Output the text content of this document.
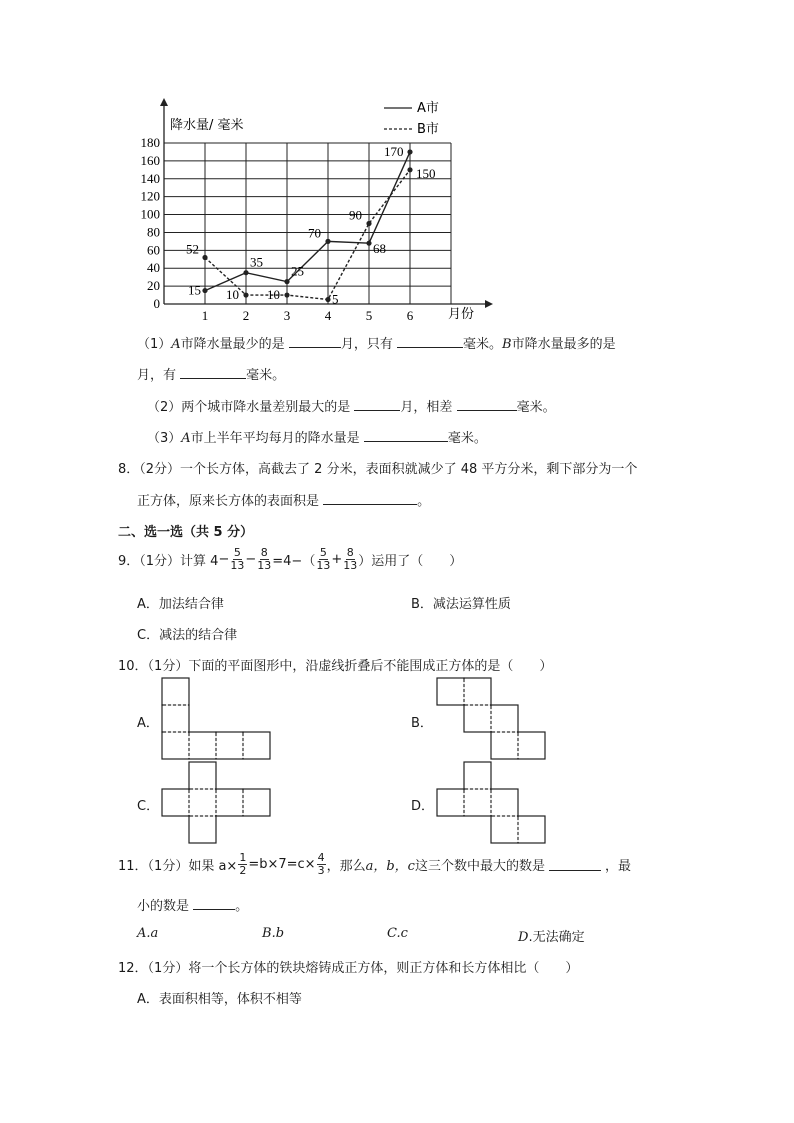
0
20
40
60
80
100
120
140
160
180
1	2	3	4	5	6
15
35
25
70
68
170
52
10 10	5
90
150
降水量/ 毫米
月份
A市
B市
（1）A市降水量最少的是	月，只有	毫米。B市降水量最多的是
月，有	毫米。
（2）两个城市降水量差别最大的是	月，相差	毫米。
（3）A市上半年平均每月的降水量是	毫米。
8．（2分）一个长方体，高截去了 2 分米，表面积就减少了 48 平方分米，剩下部分为一个
正方体，原来长方体的表面积是	。
二、选一选（共 5 分）
9．（1分）计算 $4 - \frac{5}{13} - \frac{8}{13} =4-( \frac{5}{13} + \frac{8}{13}$ ）运用了（　　）
A．加法结合律	B．减法运算性质
C．减法的结合律
10．（1分）下面的平面图形中，沿虚线折叠后不能围成正方体的是（　　）
A．	B．
C．	D．
11．（1分）如果 $a\times \frac{1}{2} =b\times 7=c\times \frac{4}{3}$ ，那么 a，b，c 这三个数中最大的数是	，最
小的数是	。
A.a	B.b	C.c	D.无法确定
12．（1分）将一个长方体的铁块熔铸成正方体，则正方体和长方体相比（　　）
A．表面积相等，体积不相等
